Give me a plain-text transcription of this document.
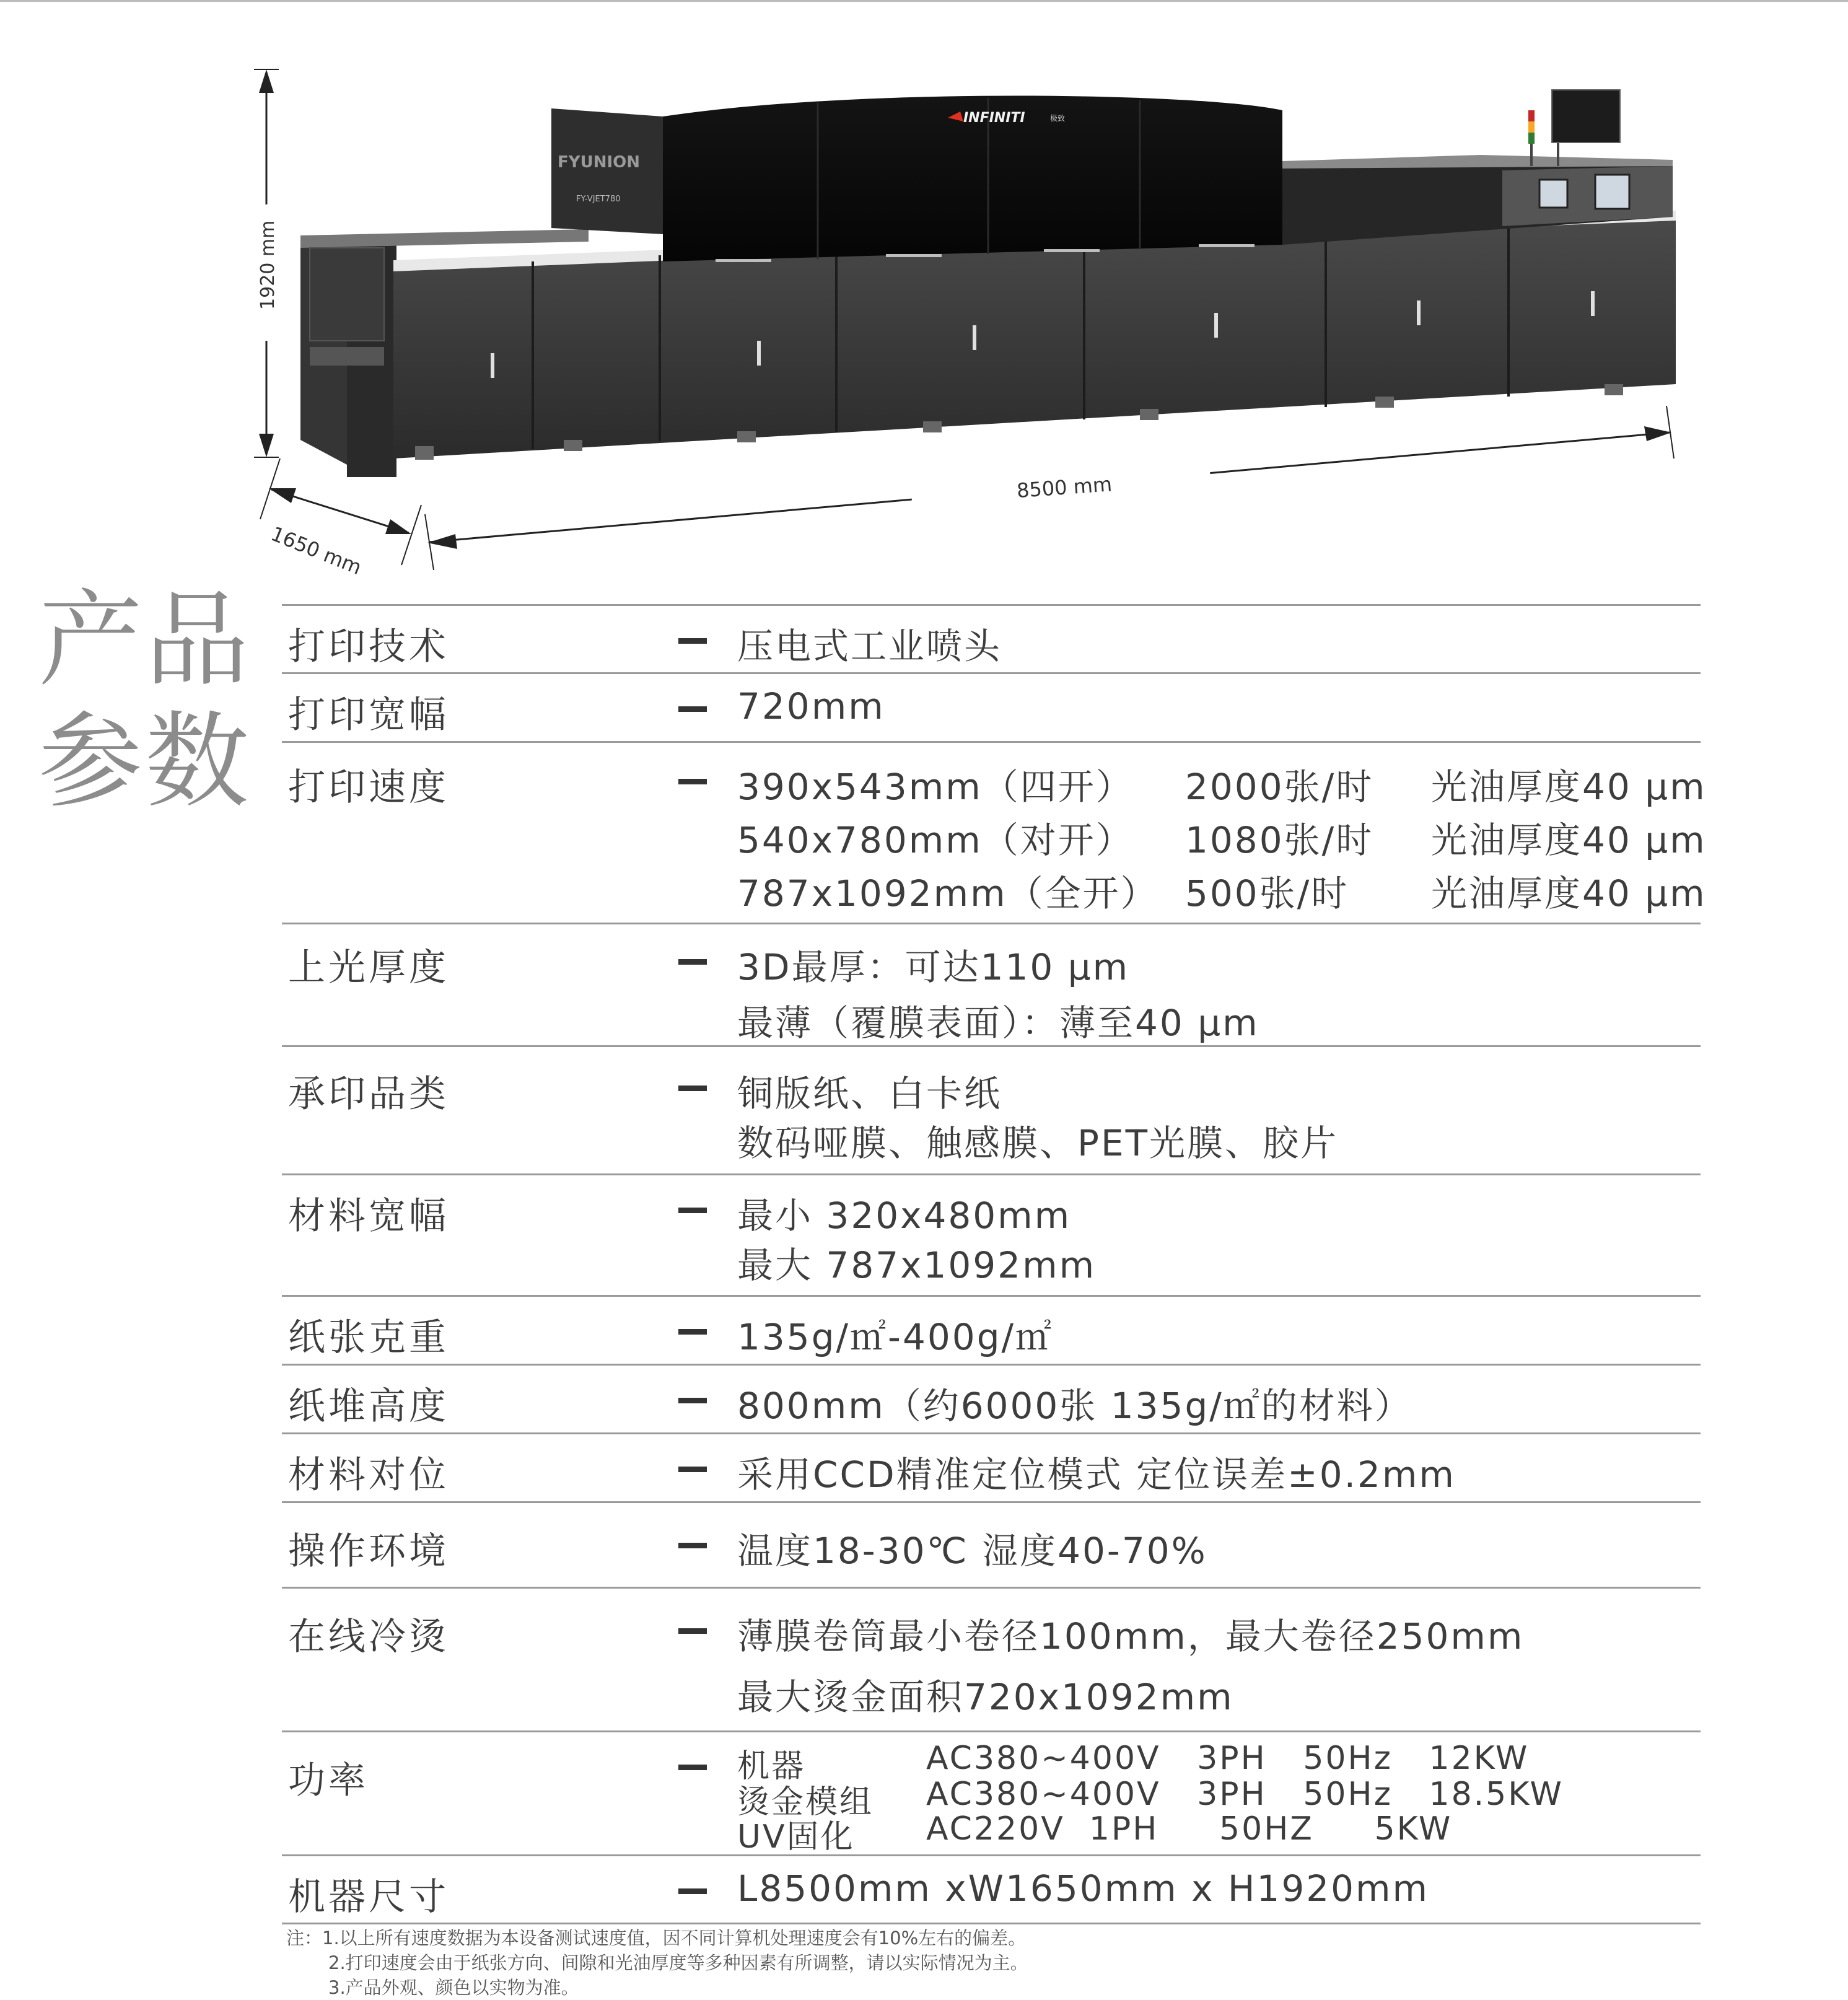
1920 mm
FYUNION
FY-VJET780
INFINITI	极致
8500 mm
1650 mm
产品
参数
打印技术	压电式工业喷头
打印宽幅	720mm
打印速度	390x543mm（四开） 2000张/时 光油厚度40 μm
540x780mm（对开） 1080张/时 光油厚度40 μm
787x1092mm（全开） 500张/时 光油厚度40 μm
上光厚度	3D最厚：可达110 μm
最薄（覆膜表面）：薄至40 μm
承印品类	铜版纸、白卡纸
数码哑膜、触感膜、PET光膜、胶片
材料宽幅	最小 320x480mm
最大 787x1092mm
纸张克重	135g/㎡-400g/㎡
纸堆高度	800mm（约6000张 135g/㎡的材料）
材料对位	采用CCD精准定位模式 定位误差±0.2mm
操作环境	温度18-30℃ 湿度40-70%
在线冷烫	薄膜卷筒最小卷径100mm，最大卷径250mm
最大烫金面积720x1092mm
功率	机器	AC380~400V   3PH   50Hz   12KW
烫金模组 AC380~400V   3PH   50Hz   18.5KW
UV固化 AC220V  1PH     50HZ     5KW
机器尺寸	L8500mm xW1650mm x H1920mm
注：1.以上所有速度数据为本设备测试速度值，因不同计算机处理速度会有10%左右的偏差。
2.打印速度会由于纸张方向、间隙和光油厚度等多种因素有所调整，请以实际情况为主。
3.产品外观、颜色以实物为准。
